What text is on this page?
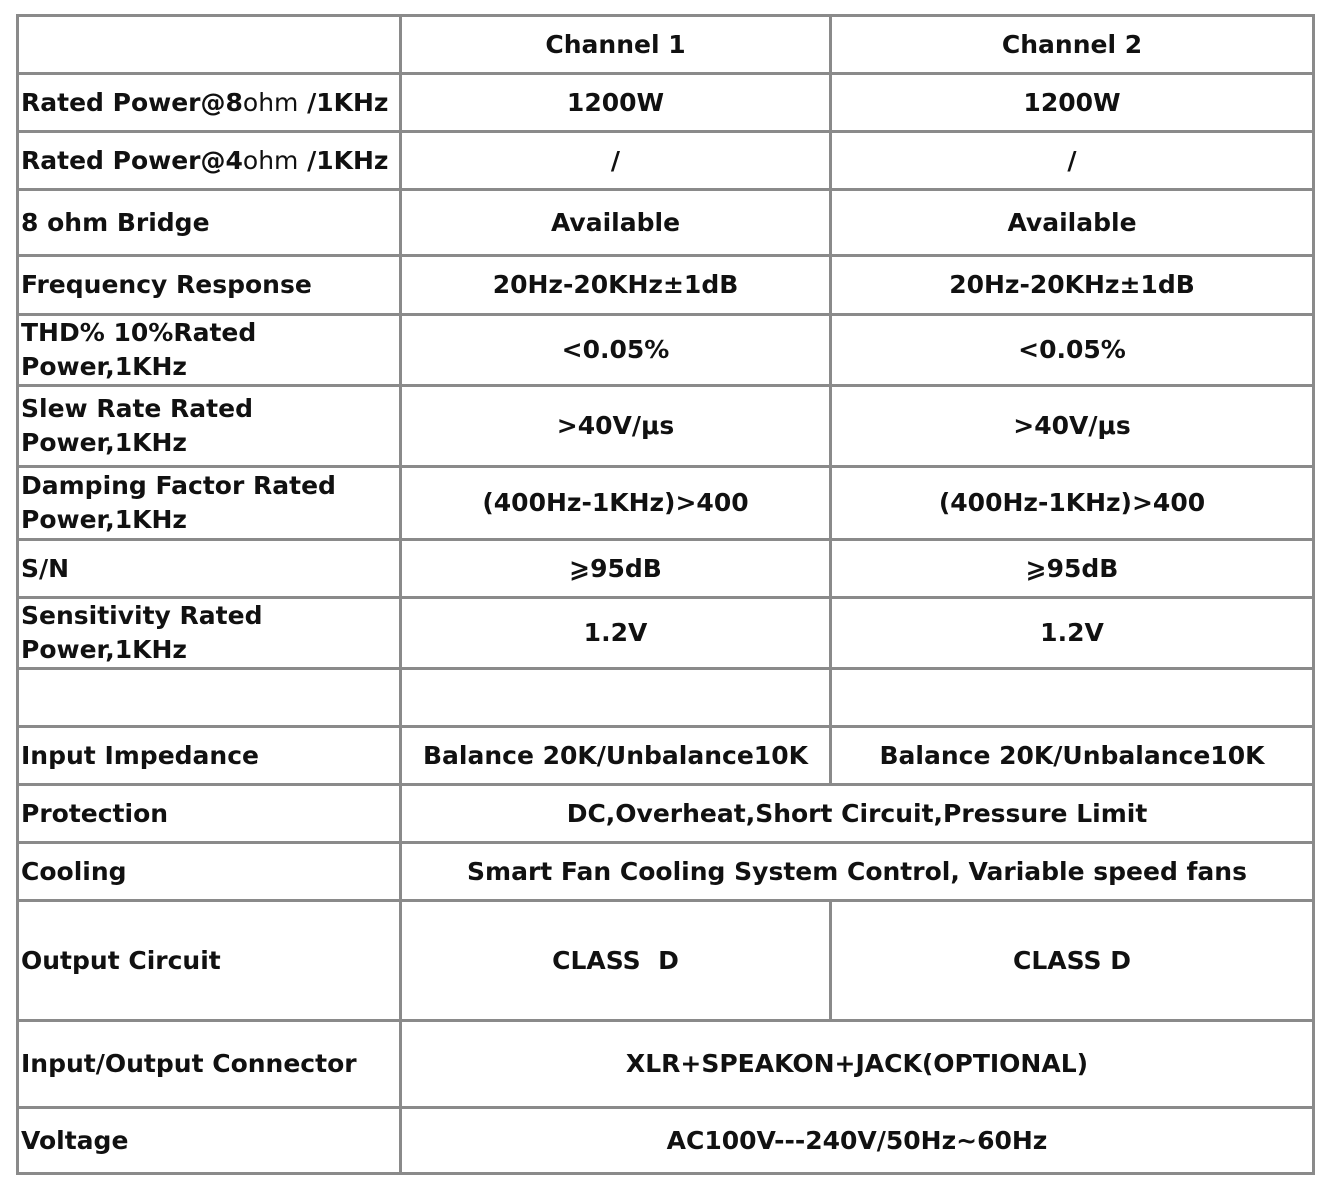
	Channel 1	Channel 2
Rated Power@8ohm /1KHz	1200W	1200W
Rated Power@4ohm /1KHz	/	/
8 ohm Bridge	Available	Available
Frequency Response	20Hz-20KHz±1dB	20Hz-20KHz±1dB
THD% 10%Rated
Power,1KHz	<0.05%	<0.05%
Slew Rate Rated
Power,1KHz	>40V/μs	>40V/μs
Damping Factor Rated
Power,1KHz	(400Hz-1KHz)>400	(400Hz-1KHz)>400
S/N	⩾95dB	⩾95dB
Sensitivity Rated
Power,1KHz	1.2V	1.2V

Input Impedance	Balance 20K/Unbalance10K	Balance 20K/Unbalance10K
Protection	DC,Overheat,Short Circuit,Pressure Limit	
Cooling	Smart Fan Cooling System Control, Variable speed fans	
Output Circuit	CLASS  D	CLASS D
Input/Output Connector	XLR+SPEAKON+JACK(OPTIONAL)	
Voltage	AC100V---240V/50Hz~60Hz	
